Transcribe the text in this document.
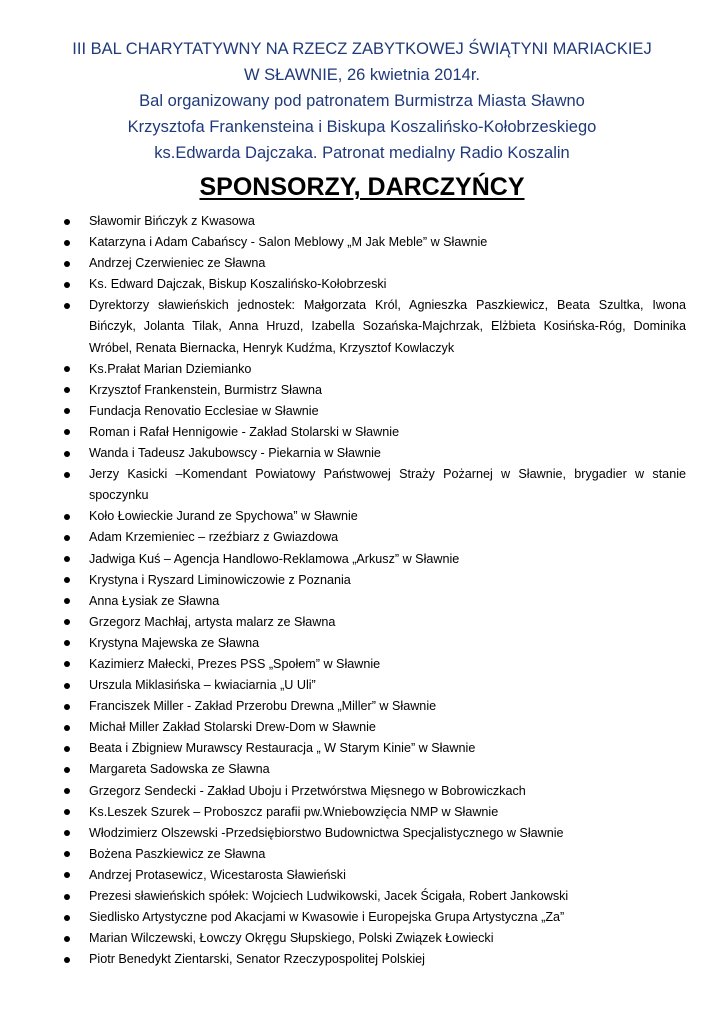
III BAL CHARYTATYWNY NA RZECZ ZABYTKOWEJ ŚWIĄTYNI MARIACKIEJ
W SŁAWNIE, 26 kwietnia 2014r.
Bal organizowany pod patronatem Burmistrza Miasta Sławno
Krzysztofa Frankensteina i Biskupa Koszalińsko-Kołobrzeskiego
ks.Edwarda Dajczaka. Patronat medialny Radio Koszalin
SPONSORZY, DARCZYŃCY
Sławomir Bińczyk z Kwasowa
Katarzyna i Adam Cabańscy - Salon Meblowy „M Jak Meble” w Sławnie
Andrzej Czerwieniec ze Sławna
Ks. Edward Dajczak, Biskup Koszalińsko-Kołobrzeski
Dyrektorzy sławieńskich jednostek: Małgorzata Król, Agnieszka Paszkiewicz, Beata Szultka, Iwona Bińczyk, Jolanta Tilak, Anna Hruzd, Izabella Sozańska-Majchrzak, Elżbieta Kosińska-Róg, Dominika Wróbel, Renata Biernacka, Henryk Kudźma, Krzysztof Kowlaczyk
Ks.Prałat Marian Dziemianko
Krzysztof Frankenstein, Burmistrz Sławna
Fundacja Renovatio Ecclesiae w Sławnie
Roman i Rafał Hennigowie - Zakład Stolarski w Sławnie
Wanda i Tadeusz Jakubowscy - Piekarnia w Sławnie
Jerzy Kasicki –Komendant Powiatowy Państwowej Straży Pożarnej w Sławnie, brygadier w stanie spoczynku
Koło Łowieckie Jurand ze Spychowa” w Sławnie
Adam Krzemieniec – rzeźbiarz z Gwiazdowa
Jadwiga Kuś – Agencja Handlowo-Reklamowa „Arkusz” w Sławnie
Krystyna i Ryszard Liminowiczowie z Poznania
Anna Łysiak ze Sławna
Grzegorz Machłaj, artysta malarz ze Sławna
Krystyna Majewska ze Sławna
Kazimierz Małecki, Prezes PSS „Społem” w Sławnie
Urszula Miklasińska – kwiaciarnia „U Uli”
Franciszek Miller - Zakład Przerobu Drewna „Miller” w Sławnie
Michał Miller Zakład Stolarski Drew-Dom w Sławnie
Beata i Zbigniew Murawscy Restauracja „ W Starym Kinie” w Sławnie
Margareta Sadowska ze Sławna
Grzegorz Sendecki - Zakład Uboju i Przetwórstwa Mięsnego w Bobrowiczkach
Ks.Leszek Szurek – Proboszcz parafii pw.Wniebowzięcia NMP w Sławnie
Włodzimierz Olszewski -Przedsiębiorstwo Budownictwa Specjalistycznego w Sławnie
Bożena Paszkiewicz ze Sławna
Andrzej Protasewicz, Wicestarosta Sławieński
Prezesi sławieńskich spółek: Wojciech Ludwikowski, Jacek Ścigała, Robert Jankowski
Siedlisko Artystyczne pod Akacjami w Kwasowie i Europejska Grupa Artystyczna „Za”
Marian Wilczewski, Łowczy Okręgu Słupskiego, Polski Związek Łowiecki
Piotr Benedykt Zientarski, Senator Rzeczypospolitej Polskiej
